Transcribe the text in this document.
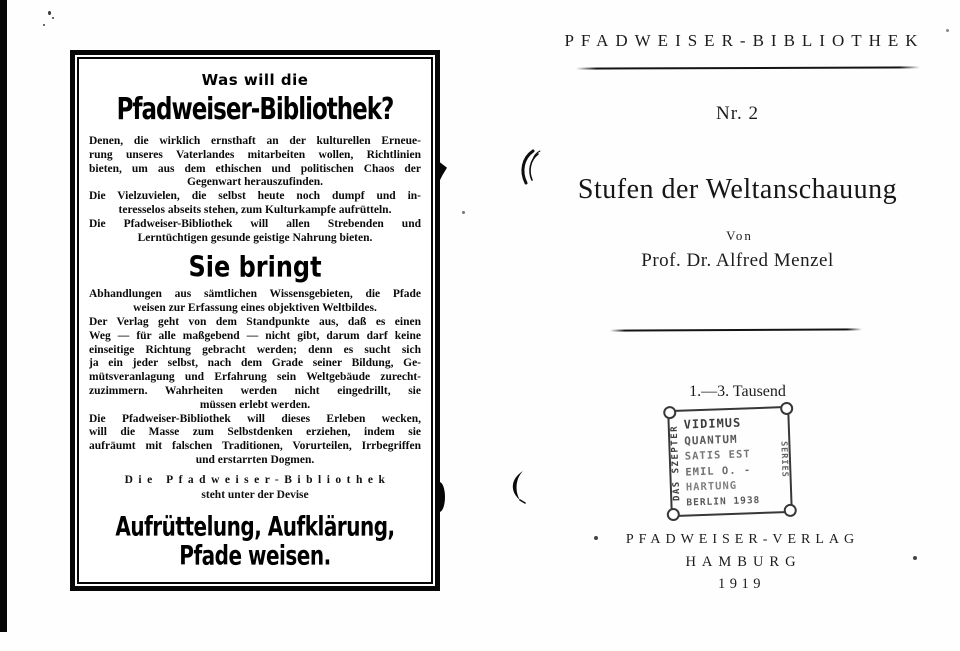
Was will die
Pfadweiser-Bibliothek?
Denen, die wirklich ernsthaft an der kulturellen Erneue-
rung unseres Vaterlandes mitarbeiten wollen, Richtlinien
bieten, um aus dem ethischen und politischen Chaos der
Gegenwart herauszufinden.
Die Vielzuvielen, die selbst heute noch dumpf und in-
teresselos abseits stehen, zum Kulturkampfe aufrütteln.
Die Pfadweiser-Bibliothek will allen Strebenden und
Lerntüchtigen gesunde geistige Nahrung bieten.
Sie bringt
Abhandlungen aus sämtlichen Wissensgebieten, die Pfade
weisen zur Erfassung eines objektiven Weltbildes.
Der Verlag geht von dem Standpunkte aus, daß es einen
Weg — für alle maßgebend — nicht gibt, darum darf keine
einseitige Richtung gebracht werden; denn es sucht sich
ja ein jeder selbst, nach dem Grade seiner Bildung, Ge-
mütsveranlagung und Erfahrung sein Weltgebäude zurecht-
zuzimmern. Wahrheiten werden nicht eingedrillt, sie
müssen erlebt werden.
Die Pfadweiser-Bibliothek will dieses Erleben wecken,
will die Masse zum Selbstdenken erziehen, indem sie
aufräumt mit falschen Traditionen, Vorurteilen, Irrbegriffen
und erstarrten Dogmen.
Die Pfadweiser-Bibliothek
steht unter der Devise
Aufrüttelung, Aufklärung,
Pfade weisen.
PFADWEISER-BIBLIOTHEK
Nr. 2
Stufen der Weltanschauung
Von
Prof. Dr. Alfred Menzel
1.—3. Tausend
DAS SZEPTER
VIDIMUS
QUANTUM
SATIS EST
EMIL O. -
HARTUNG
BERLIN 1938
SERIES
PFADWEISER-VERLAG
HAMBURG
1919
